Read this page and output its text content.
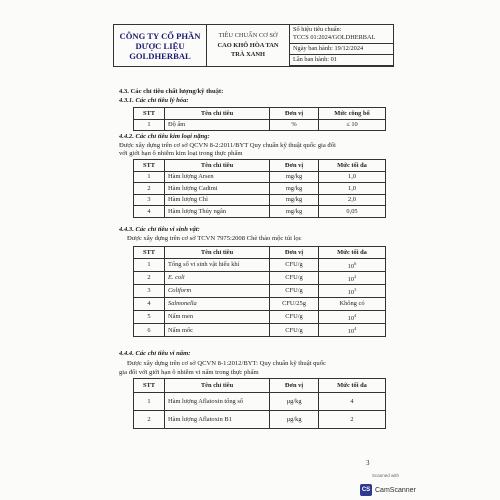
CÔNG TY CỔ PHẦN
DƯỢC LIỆU
GOLDHERBAL

TIÊU CHUẨN CƠ SỞ
CAO KHÔ HÒA TAN
TRÀ XANH

Số hiệu tiêu chuẩn:
TCCS 01:2024/GOLDHERBAL

Ngày ban hành: 19/12/2024
Lần ban hành: 01

4.3. Các chỉ tiêu chất lượng/kỹ thuật:
4.3.1. Các chỉ tiêu lý hóa:
STT	Tên chỉ tiêu	Đơn vị	Mức công bố
1	Độ ẩm	%	≤ 10
4.4.2. Các chỉ tiêu kim loại nặng:
Được xây dựng trên cơ sở QCVN 8-2:2011/BYT Quy chuẩn kỹ thuật quốc gia đối
với giới hạn ô nhiễm kim loại trong thực phẩm
STT	Tên chỉ tiêu	Đơn vị	Mức tối đa
1	Hàm lượng Arsen	mg/kg	1,0
2	Hàm lượng Cadimi	mg/kg	1,0
3	Hàm lượng Chì	mg/kg	2,0
4	Hàm lượng Thủy ngân	mg/kg	0,05
4.4.3. Các chỉ tiêu vi sinh vật:
Được xây dựng trên cơ sở TCVN 7975:2008 Chè thảo mộc túi lọc
STT	Tên chỉ tiêu	Đơn vị	Mức tối đa
1	Tổng số vi sinh vật hiếu khí	CFU/g	$10^6$
2	E. coli	CFU/g	$10^2$
3	Coliform	CFU/g	$10^3$
4	Salmonella	CFU/25g	Không có
5	Nấm men	CFU/g	$10^4$
6	Nấm mốc	CFU/g	$10^4$
4.4.4. Các chỉ tiêu vi nấm:
Được xây dựng trên cơ sở QCVN 8-1:2012/BYT: Quy chuẩn kỹ thuật quốc
gia đối với giới hạn ô nhiễm vi nấm trong thực phẩm
STT	Tên chỉ tiêu	Đơn vị	Mức tối đa
1	Hàm lượng Aflatoxin tổng số	µg/kg	4
2	Hàm lượng Aflatoxin B1	µg/kg	2
3
Scanned with
CS CamScanner
